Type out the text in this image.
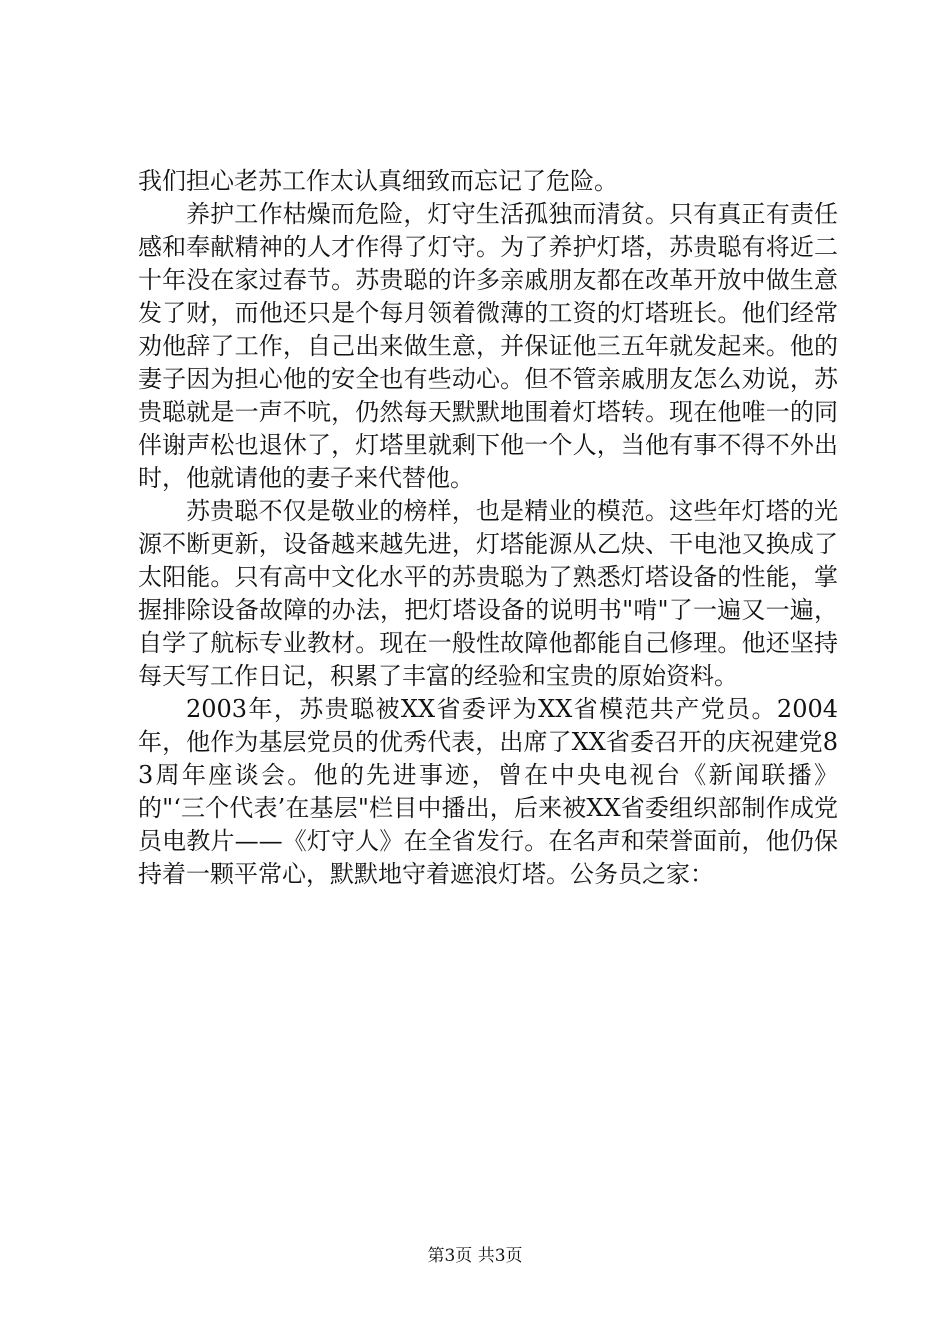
我们担心老苏工作太认真细致而忘记了危险。

养护工作枯燥而危险，灯守生活孤独而清贫。只有真正有责任感和奉献精神的人才作得了灯守。为了养护灯塔，苏贵聪有将近二十年没在家过春节。苏贵聪的许多亲戚朋友都在改革开放中做生意发了财，而他还只是个每月领着微薄的工资的灯塔班长。他们经常劝他辞了工作，自己出来做生意，并保证他三五年就发起来。他的妻子因为担心他的安全也有些动心。但不管亲戚朋友怎么劝说，苏贵聪就是一声不吭，仍然每天默默地围着灯塔转。现在他唯一的同伴谢声松也退休了，灯塔里就剩下他一个人，当他有事不得不外出时，他就请他的妻子来代替他。

苏贵聪不仅是敬业的榜样，也是精业的模范。这些年灯塔的光源不断更新，设备越来越先进，灯塔能源从乙炔、干电池又换成了太阳能。只有高中文化水平的苏贵聪为了熟悉灯塔设备的性能，掌握排除设备故障的办法，把灯塔设备的说明书"啃"了一遍又一遍，自学了航标专业教材。现在一般性故障他都能自己修理。他还坚持每天写工作日记，积累了丰富的经验和宝贵的原始资料。

2003年，苏贵聪被XX省委评为XX省模范共产党员。2004年，他作为基层党员的优秀代表，出席了XX省委召开的庆祝建党83周年座谈会。他的先进事迹，曾在中央电视台《新闻联播》的"‘三个代表’在基层"栏目中播出，后来被XX省委组织部制作成党员电教片——《灯守人》在全省发行。在名声和荣誉面前，他仍保持着一颗平常心，默默地守着遮浪灯塔。公务员之家：

第3页 共3页
